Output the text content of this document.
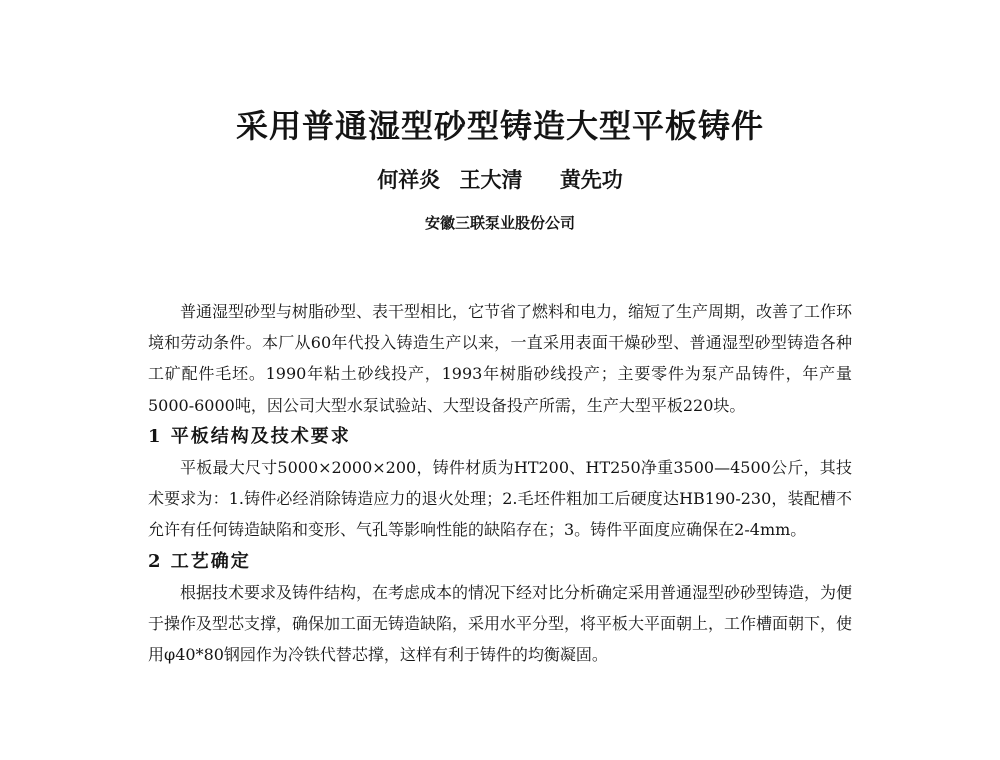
采用普通湿型砂型铸造大型平板铸件
何祥炎 王大清 黄先功
安徽三联泵业股份公司

普通湿型砂型与树脂砂型、表干型相比，它节省了燃料和电力，缩短了生产周期，改善了工作环境和劳动条件。本厂从60年代投入铸造生产以来，一直采用表面干燥砂型、普通湿型砂型铸造各种工矿配件毛坯。1990年粘土砂线投产，1993年树脂砂线投产；主要零件为泵产品铸件，年产量5000-6000吨，因公司大型水泵试验站、大型设备投产所需，生产大型平板220块。

1 平板结构及技术要求

平板最大尺寸5000×2000×200，铸件材质为HT200、HT250净重3500—4500公斤，其技术要求为：1.铸件必经消除铸造应力的退火处理；2.毛坯件粗加工后硬度达HB190-230，装配槽不允许有任何铸造缺陷和变形、气孔等影响性能的缺陷存在；3。铸件平面度应确保在2-4mm。

2 工艺确定

根据技术要求及铸件结构，在考虑成本的情况下经对比分析确定采用普通湿型砂砂型铸造，为便于操作及型芯支撑，确保加工面无铸造缺陷，采用水平分型，将平板大平面朝上，工作槽面朝下，使用φ40*80钢园作为冷铁代替芯撑，这样有利于铸件的均衡凝固。
